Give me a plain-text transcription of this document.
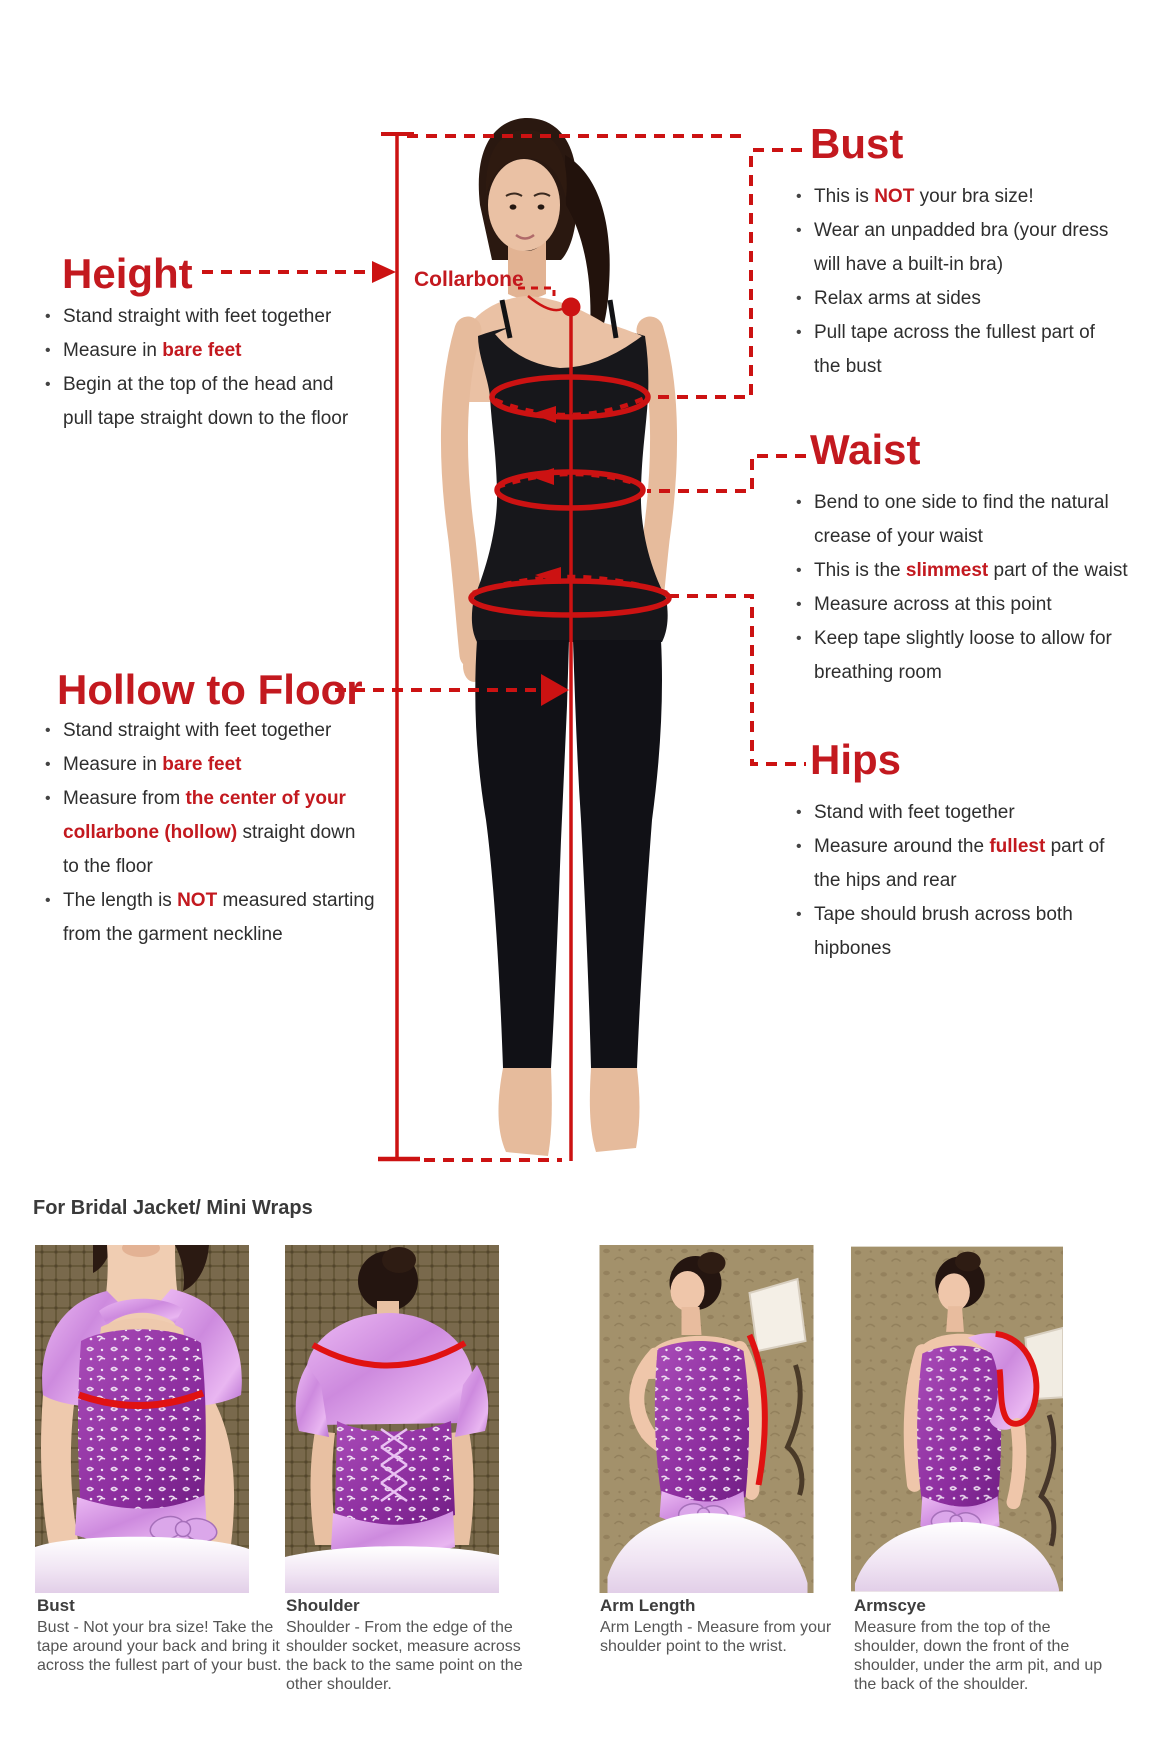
Height
• Stand straight with feet together
• Measure in bare feet
• Begin at the top of the head and
pull tape straight down to the floor
Collarbone
Hollow to Floor
• Stand straight with feet together
• Measure in bare feet
• Measure from the center of your
collarbone (hollow) straight down
to the floor
• The length is NOT measured starting
from the garment neckline
Bust
• This is NOT your bra size!
• Wear an unpadded bra (your dress
will have a built-in bra)
• Relax arms at sides
• Pull tape across the fullest part of
the bust
Waist
• Bend to one side to find the natural
crease of your waist
• This is the slimmest part of the waist
• Measure across at this point
• Keep tape slightly loose to allow for
breathing room
Hips
• Stand with feet together
• Measure around the fullest part of
the hips and rear
• Tape should brush across both
hipbones
For Bridal Jacket/ Mini Wraps
Bust
Bust - Not your bra size! Take the tape around your back and bring it across the fullest part of your bust.
Shoulder
Shoulder - From the edge of the shoulder socket, measure across the back to the same point on the other shoulder.
Arm Length
Arm Length - Measure from your shoulder point to the wrist.
Armscye
Measure from the top of the shoulder, down the front of the shoulder, under the arm pit, and up the back of the shoulder.
